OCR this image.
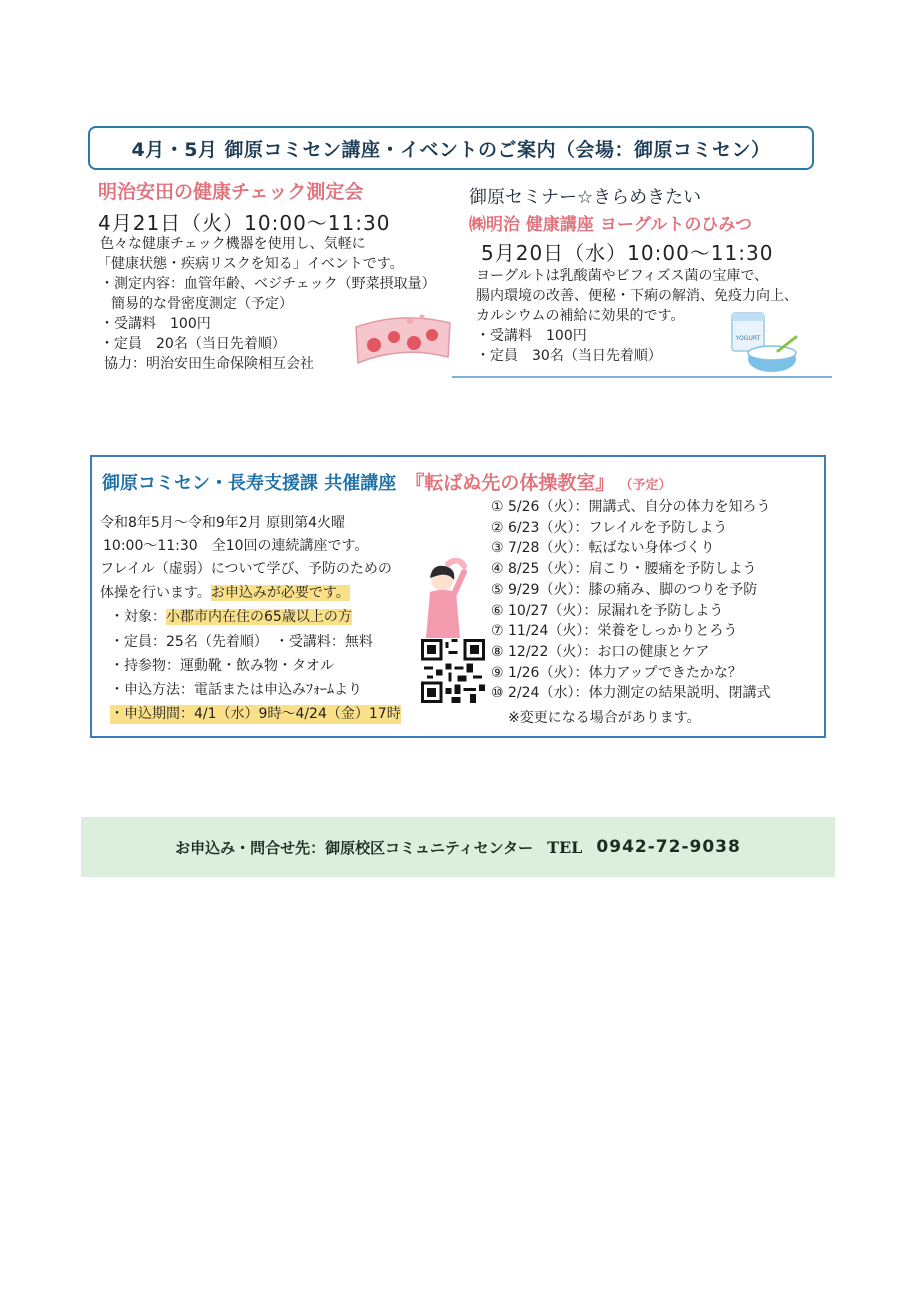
4月・5月 御原コミセン講座・イベントのご案内（会場：御原コミセン）
明治安田の健康チェック測定会
4月21日（火）10:00～11:30
色々な健康チェック機器を使用し、気軽に
「健康状態・疾病リスクを知る」イベントです。
・測定内容：血管年齢、ベジチェック（野菜摂取量）
簡易的な骨密度測定（予定）
・受講料　100円
・定員　20名（当日先着順）
協力：明治安田生命保険相互会社
御原セミナー☆きらめきたい
㈱明治 健康講座 ヨーグルトのひみつ
5月20日（水）10:00～11:30
ヨーグルトは乳酸菌やビフィズス菌の宝庫で、
腸内環境の改善、便秘・下痢の解消、免疫力向上、
カルシウムの補給に効果的です。
・受講料　100円
・定員　30名（当日先着順）
YOGURT
御原コミセン・長寿支援課 共催講座 『転ばぬ先の体操教室』 （予定）
令和8年5月～令和9年2月 原則第4火曜
10:00～11:30　全10回の連続講座です。
フレイル（虚弱）について学び、予防のための
体操を行います。お申込みが必要です。
・対象：小郡市内在住の65歳以上の方
・定員：25名（先着順）　・受講料：無料
・持参物：運動靴・飲み物・タオル
・申込方法：電話または申込みﾌｫｰﾑより
・申込期間：4/1（水）9時～4/24（金）17時
① 5/26（火）：開講式、自分の体力を知ろう
② 6/23（火）：フレイルを予防しよう
③ 7/28（火）：転ばない身体づくり
④ 8/25（火）：肩こり・腰痛を予防しよう
⑤ 9/29（火）：膝の痛み、脚のつりを予防
⑥ 10/27（火）：尿漏れを予防しよう
⑦ 11/24（火）：栄養をしっかりとろう
⑧ 12/22（火）：お口の健康とケア
⑨ 1/26（火）：体力アップできたかな？
⑩ 2/24（水）：体力測定の結果説明、閉講式
※変更になる場合があります。
お申込み・問合せ先：御原校区コミュニティセンター TEL 0942-72-9038
